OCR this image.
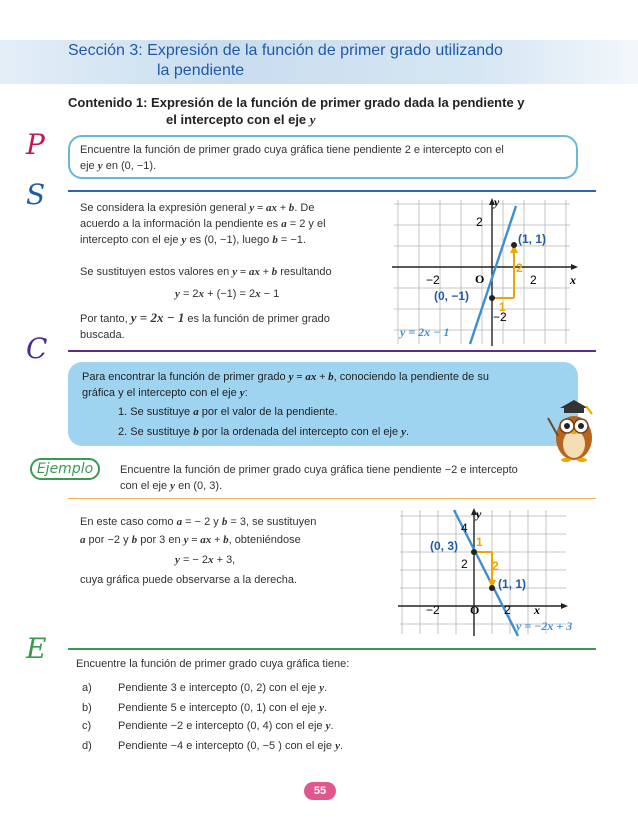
Sección 3: Expresión de la función de primer grado utilizando
la pendiente
Contenido 1: Expresión de la función de primer grado dada la pendiente y
el intercepto con el eje y
P	Encuentre la función de primer grado cuya gráfica tiene pendiente 2 e intercepto con el
eje y en (0, −1).
S	Se considera la expresión general y = ax + b. De
acuerdo a la información la pendiente es a = 2 y el
intercepto con el eje y es (0, −1), luego b = −1.
Se sustituyen estos valores en y = ax + b resultando
y = 2x + (−1) = 2x − 1
Por tanto, y = 2x − 1 es la función de primer grado
buscada.
y
x
O
−2	2
2
−2
(1, 1)
(0, −1)
2
1
y = 2x − 1
C
Para encontrar la función de primer grado y = ax + b, conociendo la pendiente de su
gráfica y el intercepto con el eje y:
1. Se sustituye a por el valor de la pendiente.
2. Se sustituye b por la ordenada del intercepto con el eje y.
Ejemplo	Encuentre la función de primer grado cuya gráfica tiene pendiente −2 e intercepto
con el eje y en (0, 3).
En este caso como a = − 2 y b = 3, se sustituyen
a por −2 y b por 3 en y = ax + b, obteniéndose
y = − 2x + 3,
cuya gráfica puede observarse a la derecha.
y
x
O
−2	2
4
2
(0, 3)
(1, 1)
1
2
y = −2x + 3
E	Encuentre la función de primer grado cuya gráfica tiene:
a) Pendiente 3 e intercepto (0, 2) con el eje y.
b) Pendiente 5 e intercepto (0, 1) con el eje y.
c) Pendiente −2 e intercepto (0, 4) con el eje y.
d) Pendiente −4 e intercepto (0, −5 ) con el eje y.
55
